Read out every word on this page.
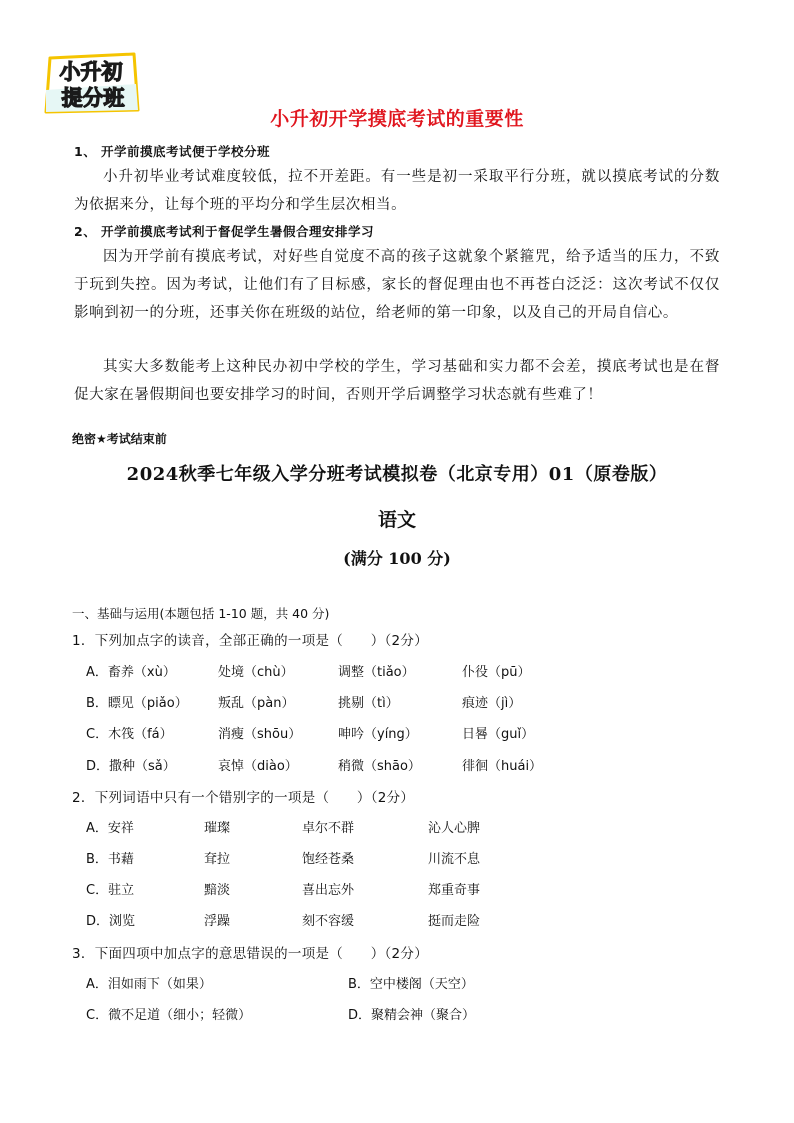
小升初
提分班
小升初开学摸底考试的重要性
1、 开学前摸底考试便于学校分班
小升初毕业考试难度较低，拉不开差距。有一些是初一采取平行分班，就以摸底考试的分数为依据来分，让每个班的平均分和学生层次相当。
2、 开学前摸底考试利于督促学生暑假合理安排学习
因为开学前有摸底考试，对好些自觉度不高的孩子这就象个紧箍咒，给予适当的压力，不致于玩到失控。因为考试，让他们有了目标感，家长的督促理由也不再苍白泛泛：这次考试不仅仅影响到初一的分班，还事关你在班级的站位，给老师的第一印象，以及自己的开局自信心。
其实大多数能考上这种民办初中学校的学生，学习基础和实力都不会差，摸底考试也是在督促大家在暑假期间也要安排学习的时间，否则开学后调整学习状态就有些难了！
绝密★考试结束前
2024秋季七年级入学分班考试模拟卷（北京专用）01（原卷版）
语文
(满分 100 分)
一、基础与运用(本题包括 1-10 题，共 40 分)
1．下列加点字的读音，全部正确的一项是（　　）（2分）
A．畜养（xù）	处境（chù）	调整（tiǎo）	仆役（pū）
B．瞟见（piǎo） 叛乱（pàn）	挑剔（tì）	痕迹（jì）
C．木筏（fá）	消瘦（shōu）	呻吟（yíng）	日晷（guǐ）
D．撒种（sǎ）	哀悼（diào）	稍微（shāo）	徘徊（huái）
2．下列词语中只有一个错别字的一项是（　　）（2分）
A．安祥	璀璨	卓尔不群	沁人心脾
B．书藉	耷拉	饱经苍桑	川流不息
C．驻立	黯淡	喜出忘外	郑重奇事
D．浏览	浮躁	刻不容缓	挺而走险
3．下面四项中加点字的意思错误的一项是（　　）（2分）
A．泪如雨下（如果）	B．空中楼阁（天空）
C．微不足道（细小；轻微）	D．聚精会神（聚合）
